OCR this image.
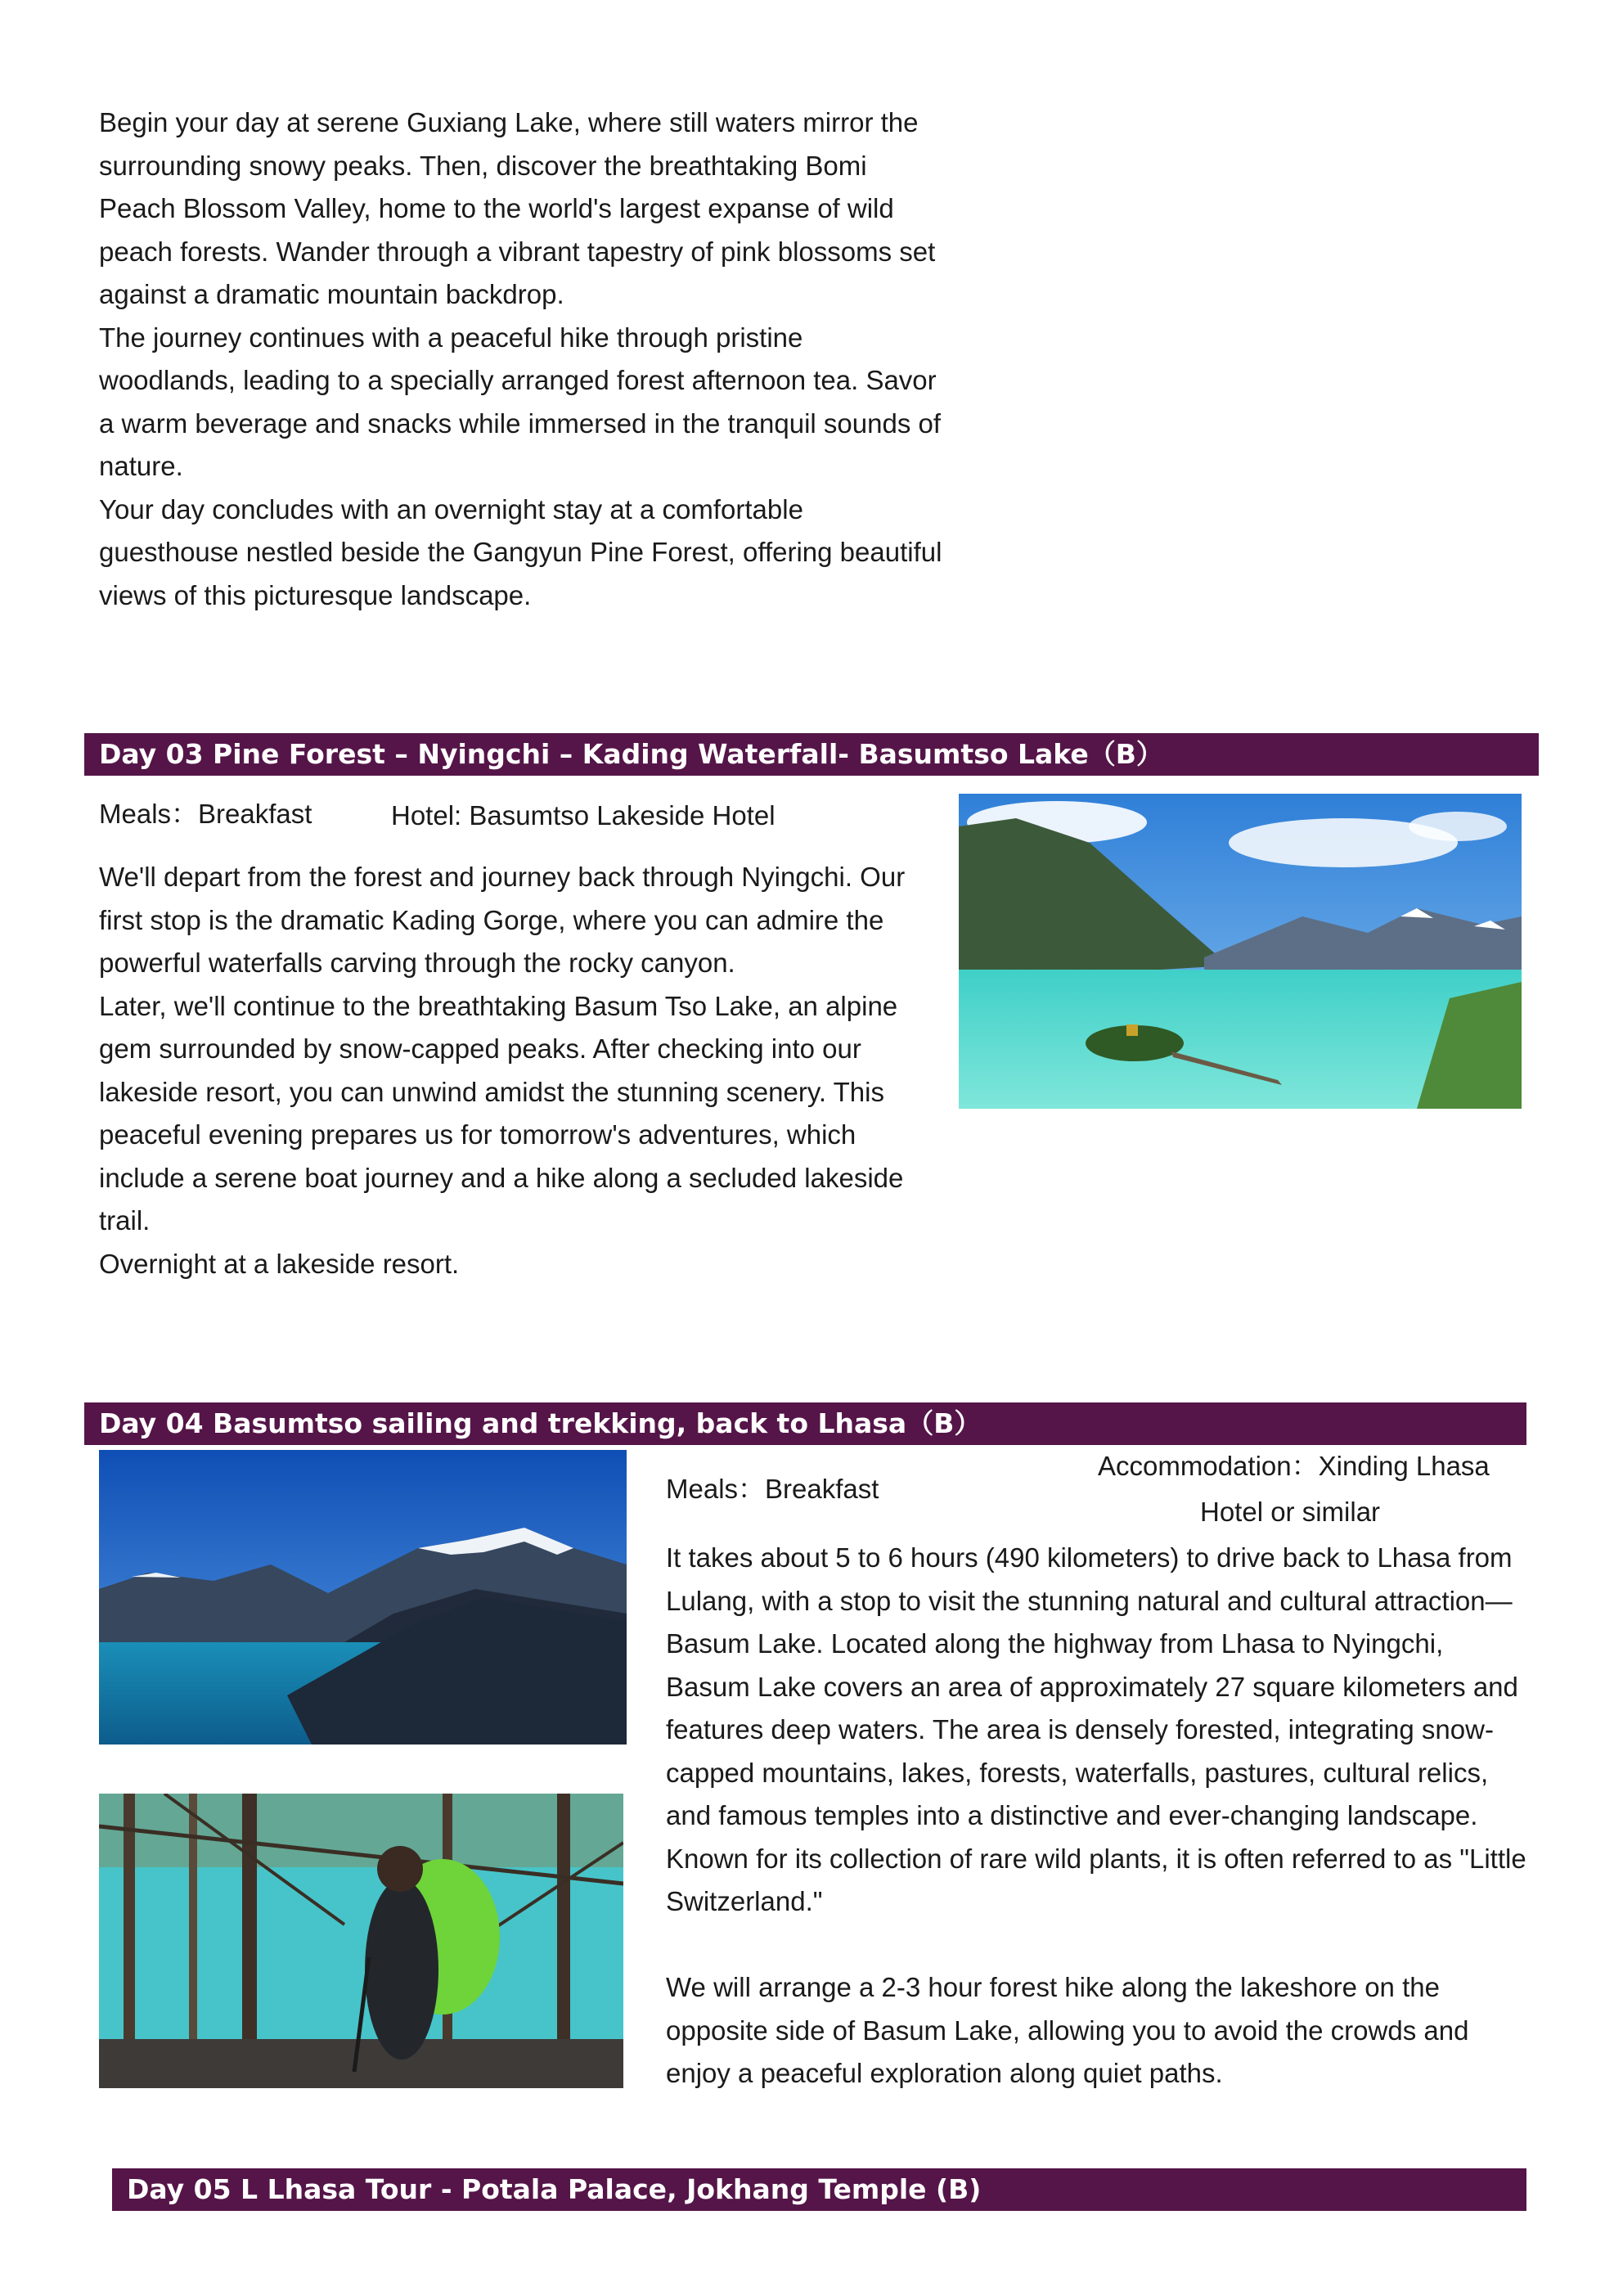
Begin your day at serene Guxiang Lake, where still waters mirror the surrounding snowy peaks. Then, discover the breathtaking Bomi Peach Blossom Valley, home to the world's largest expanse of wild peach forests. Wander through a vibrant tapestry of pink blossoms set against a dramatic mountain backdrop.

The journey continues with a peaceful hike through pristine woodlands, leading to a specially arranged forest afternoon tea. Savor a warm beverage and snacks while immersed in the tranquil sounds of nature.

Your day concludes with an overnight stay at a comfortable guesthouse nestled beside the Gangyun Pine Forest, offering beautiful views of this picturesque landscape.

Day 03 Pine Forest – Nyingchi – Kading Waterfall- Basumtso Lake（B）
Meals：Breakfast	Hotel: Basumtso Lakeside Hotel

We'll depart from the forest and journey back through Nyingchi. Our first stop is the dramatic Kading Gorge, where you can admire the powerful waterfalls carving through the rocky canyon.

Later, we'll continue to the breathtaking Basum Tso Lake, an alpine gem surrounded by snow-capped peaks. After checking into our lakeside resort, you can unwind amidst the stunning scenery. This peaceful evening prepares us for tomorrow's adventures, which include a serene boat journey and a hike along a secluded lakeside trail.

Overnight at a lakeside resort.

Day 04 Basumtso sailing and trekking, back to Lhasa（B）
Meals：Breakfast
Accommodation：Xinding Lhasa
Hotel or similar

It takes about 5 to 6 hours (490 kilometers) to drive back to Lhasa from Lulang, with a stop to visit the stunning natural and cultural attraction—Basum Lake. Located along the highway from Lhasa to Nyingchi, Basum Lake covers an area of approximately 27 square kilometers and features deep waters. The area is densely forested, integrating snow-capped mountains, lakes, forests, waterfalls, pastures, cultural relics, and famous temples into a distinctive and ever-changing landscape. Known for its collection of rare wild plants, it is often referred to as "Little Switzerland."

We will arrange a 2-3 hour forest hike along the lakeshore on the opposite side of Basum Lake, allowing you to avoid the crowds and enjoy a peaceful exploration along quiet paths.

Day 05 L Lhasa Tour - Potala Palace, Jokhang Temple (B)
